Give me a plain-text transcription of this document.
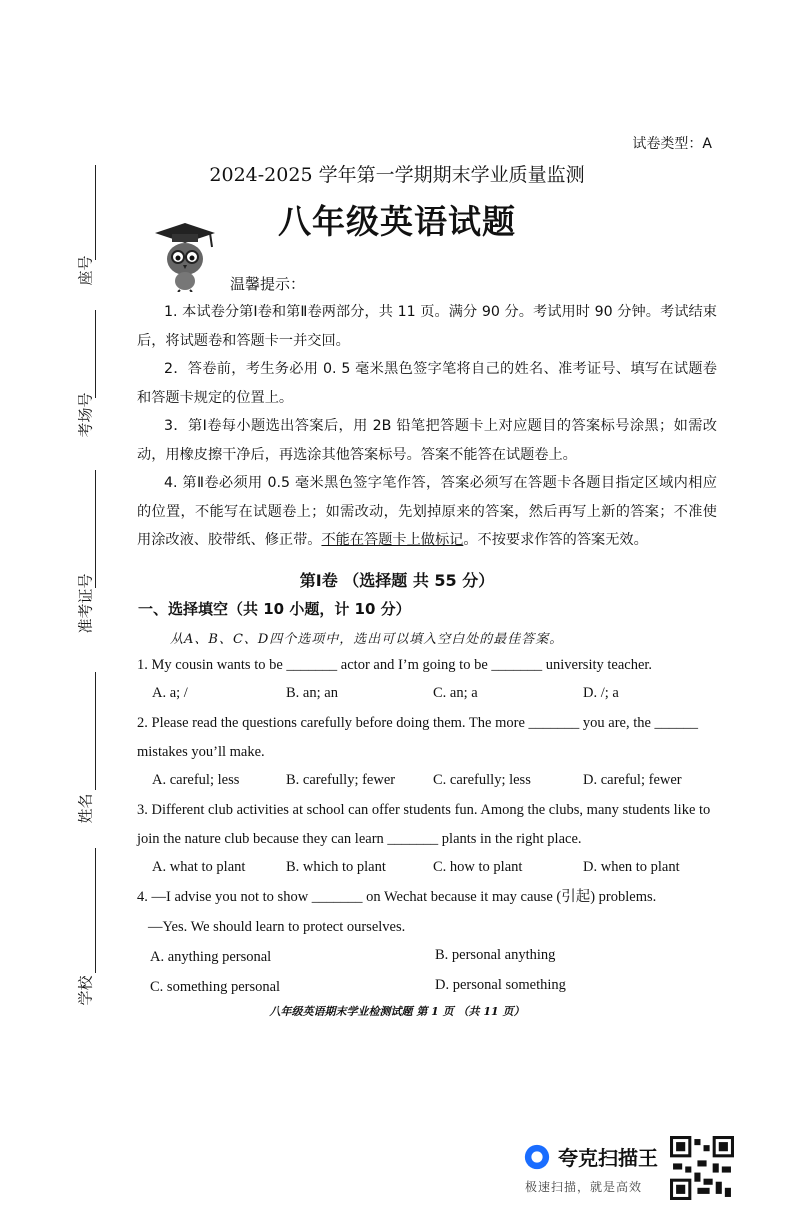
座号
考场号
准考证号
姓名
学校
试卷类型：A
2024-2025 学年第一学期期末学业质量监测
八年级英语试题
温馨提示：

1. 本试卷分第Ⅰ卷和第Ⅱ卷两部分，共 11 页。满分 90 分。考试用时 90 分钟。考试结束后，将试题卷和答题卡一并交回。

2．答卷前，考生务必用 0. 5 毫米黑色签字笔将自己的姓名、准考证号、填写在试题卷和答题卡规定的位置上。

3．第Ⅰ卷每小题选出答案后，用 2B 铅笔把答题卡上对应题目的答案标号涂黑；如需改动，用橡皮擦干净后，再选涂其他答案标号。答案不能答在试题卷上。

4. 第Ⅱ卷必须用 0.5 毫米黑色签字笔作答，答案必须写在答题卡各题目指定区域内相应的位置，不能写在试题卷上；如需改动，先划掉原来的答案，然后再写上新的答案；不准使用涂改液、胶带纸、修正带。不能在答题卡上做标记。不按要求作答的答案无效。

第Ⅰ卷 （选择题 共 55 分）
一、选择填空（共 10 小题，计 10 分）
从A、B、C、D四个选项中，选出可以填入空白处的最佳答案。
1. My cousin wants to be _______ actor and I’m going to be _______ university teacher.
A. a; /	B. an; an	C. an; a	D. /; a
2. Please read the questions carefully before doing them. The more _______ you are, the ______ mistakes you’ll make.
A. careful; less	B. carefully; fewer	C. carefully; less	D. careful; fewer
3. Different club activities at school can offer students fun. Among the clubs, many students like to join the nature club because they can learn _______ plants in the right place.
A. what to plant	B. which to plant	C. how to plant	D. when to plant
4. —I advise you not to show _______ on Wechat because it may cause (引起) problems.
—Yes. We should learn to protect ourselves.
A. anything personal	B. personal anything
C. something personal	D. personal something
八年级英语期末学业检测试题 第 1 页 （共 11 页）
夸克扫描王
极速扫描，就是高效
